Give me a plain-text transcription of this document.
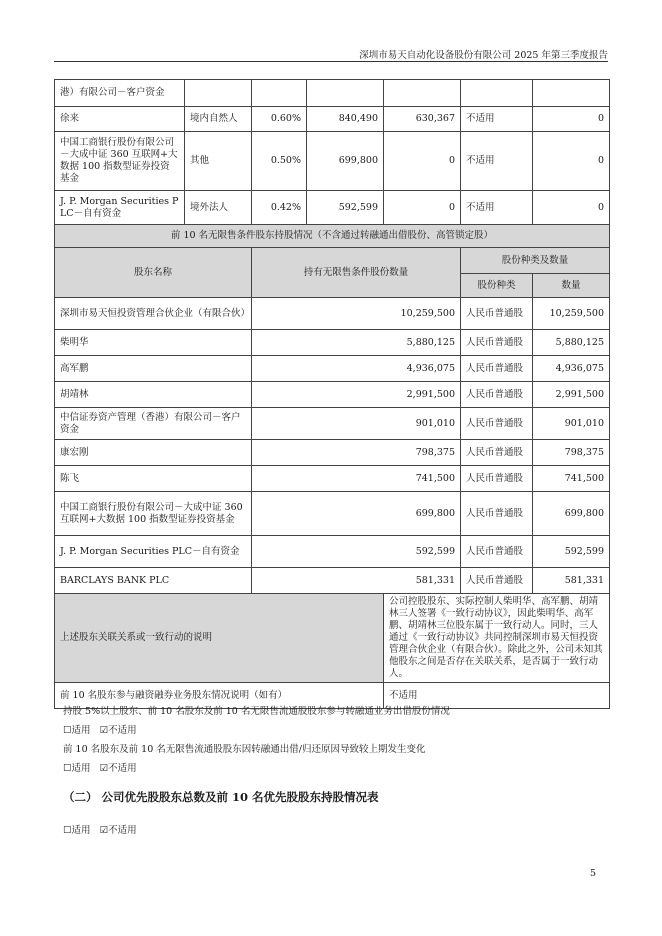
深圳市易天自动化设备股份有限公司 2025 年第三季度报告
港）有限公司－客户资金						
徐来	境内自然人	0.60%	840,490	630,367	不适用	0
中国工商银行股份有限公司－大成中证 360 互联网+大数据 100 指数型证券投资基金	其他	0.50%	699,800	0	不适用	0
J. P. Morgan Securities PLC－自有资金	境外法人	0.42%	592,599	0	不适用	0
前 10 名无限售条件股东持股情况（不含通过转融通出借股份、高管锁定股）						
股东名称		持有无限售条件股份数量			股份种类及数量	
					股份种类	数量
深圳市易天恒投资管理合伙企业（有限合伙）		10,259,500			人民币普通股	10,259,500
柴明华		5,880,125			人民币普通股	5,880,125
高军鹏		4,936,075			人民币普通股	4,936,075
胡靖林		2,991,500			人民币普通股	2,991,500
中信证券资产管理（香港）有限公司－客户资金		901,010			人民币普通股	901,010
康宏刚		798,375			人民币普通股	798,375
陈飞		741,500			人民币普通股	741,500
中国工商银行股份有限公司－大成中证 360 互联网+大数据 100 指数型证券投资基金		699,800			人民币普通股	699,800
J. P. Morgan Securities PLC－自有资金		592,599			人民币普通股	592,599
BARCLAYS BANK PLC		581,331			人民币普通股	581,331
上述股东关联关系或一致行动的说明				公司控股股东、实际控制人柴明华、高军鹏、胡靖林三人签署《一致行动协议》，因此柴明华、高军鹏、胡靖林三位股东属于一致行动人。同时，三人通过《一致行动协议》共同控制深圳市易天恒投资管理合伙企业（有限合伙）。除此之外，公司未知其他股东之间是否存在关联关系，是否属于一致行动人。		
前 10 名股东参与融资融券业务股东情况说明（如有）				不适用		
持股 5%以上股东、前 10 名股东及前 10 名无限售流通股股东参与转融通业务出借股份情况
☐适用 ☑不适用
前 10 名股东及前 10 名无限售流通股股东因转融通出借/归还原因导致较上期发生变化
☐适用 ☑不适用
（二） 公司优先股股东总数及前 10 名优先股股东持股情况表
☐适用 ☑不适用
5
